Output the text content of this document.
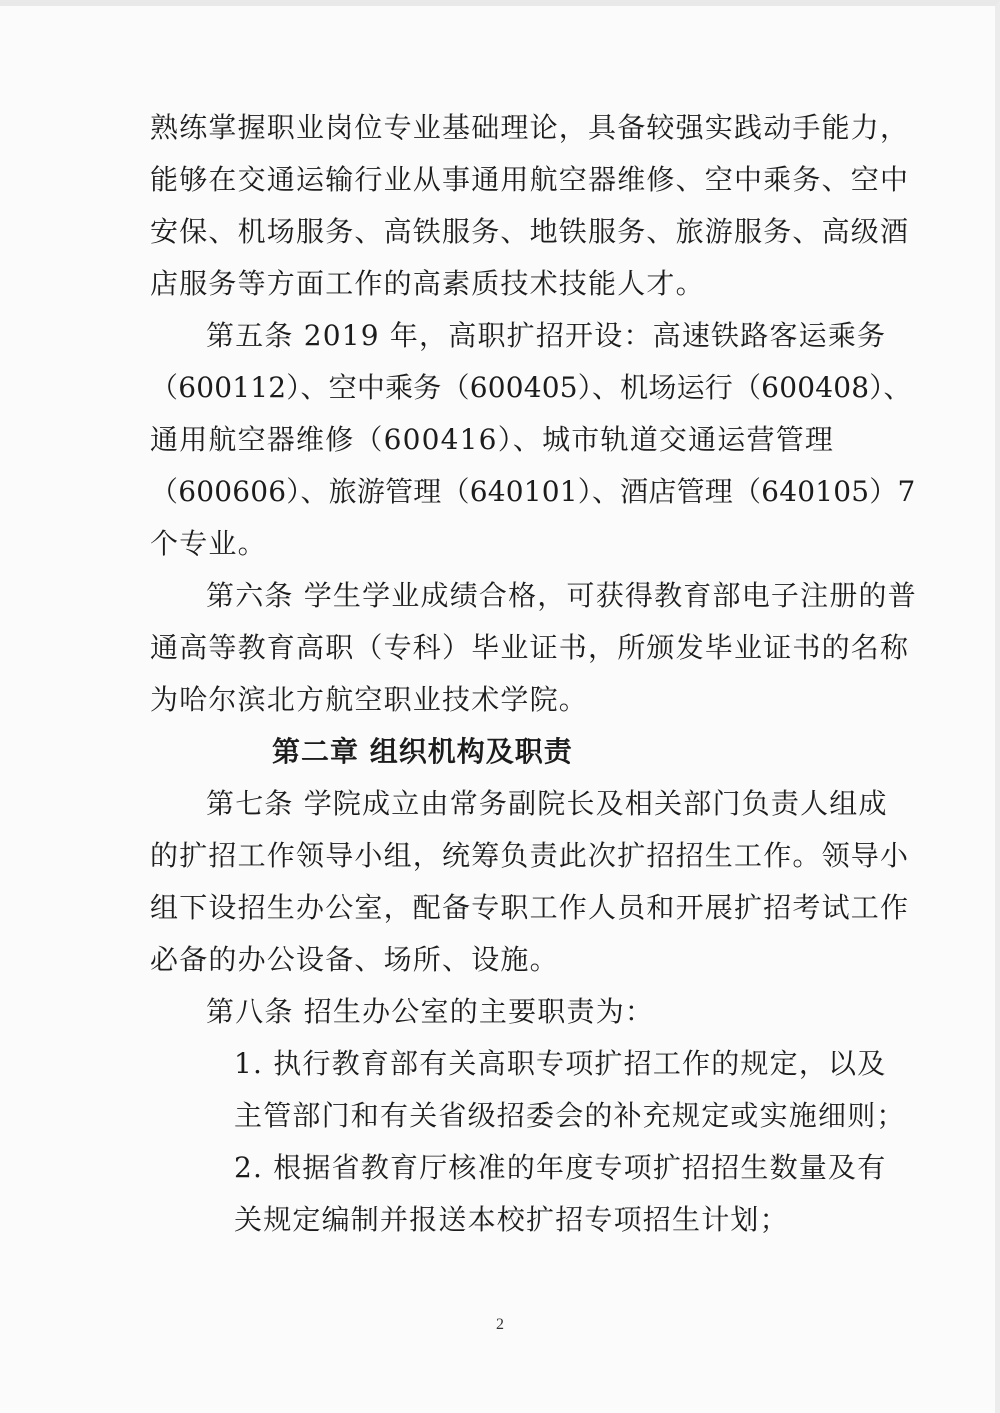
熟练掌握职业岗位专业基础理论，具备较强实践动手能力，
能够在交通运输行业从事通用航空器维修、空中乘务、空中
安保、机场服务、高铁服务、地铁服务、旅游服务、高级酒
店服务等方面工作的高素质技术技能人才。
第五条 2019 年，高职扩招开设：高速铁路客运乘务
（600112）、空中乘务（600405）、机场运行（600408）、
通用航空器维修（600416）、城市轨道交通运营管理
（600606）、旅游管理（640101）、酒店管理（640105）7
个专业。
第六条 学生学业成绩合格，可获得教育部电子注册的普
通高等教育高职（专科）毕业证书，所颁发毕业证书的名称
为哈尔滨北方航空职业技术学院。
第二章 组织机构及职责
第七条 学院成立由常务副院长及相关部门负责人组成
的扩招工作领导小组，统筹负责此次扩招招生工作。领导小
组下设招生办公室，配备专职工作人员和开展扩招考试工作
必备的办公设备、场所、设施。
第八条 招生办公室的主要职责为：
1. 执行教育部有关高职专项扩招工作的规定，以及
主管部门和有关省级招委会的补充规定或实施细则；
2. 根据省教育厅核准的年度专项扩招招生数量及有
关规定编制并报送本校扩招专项招生计划；
2
